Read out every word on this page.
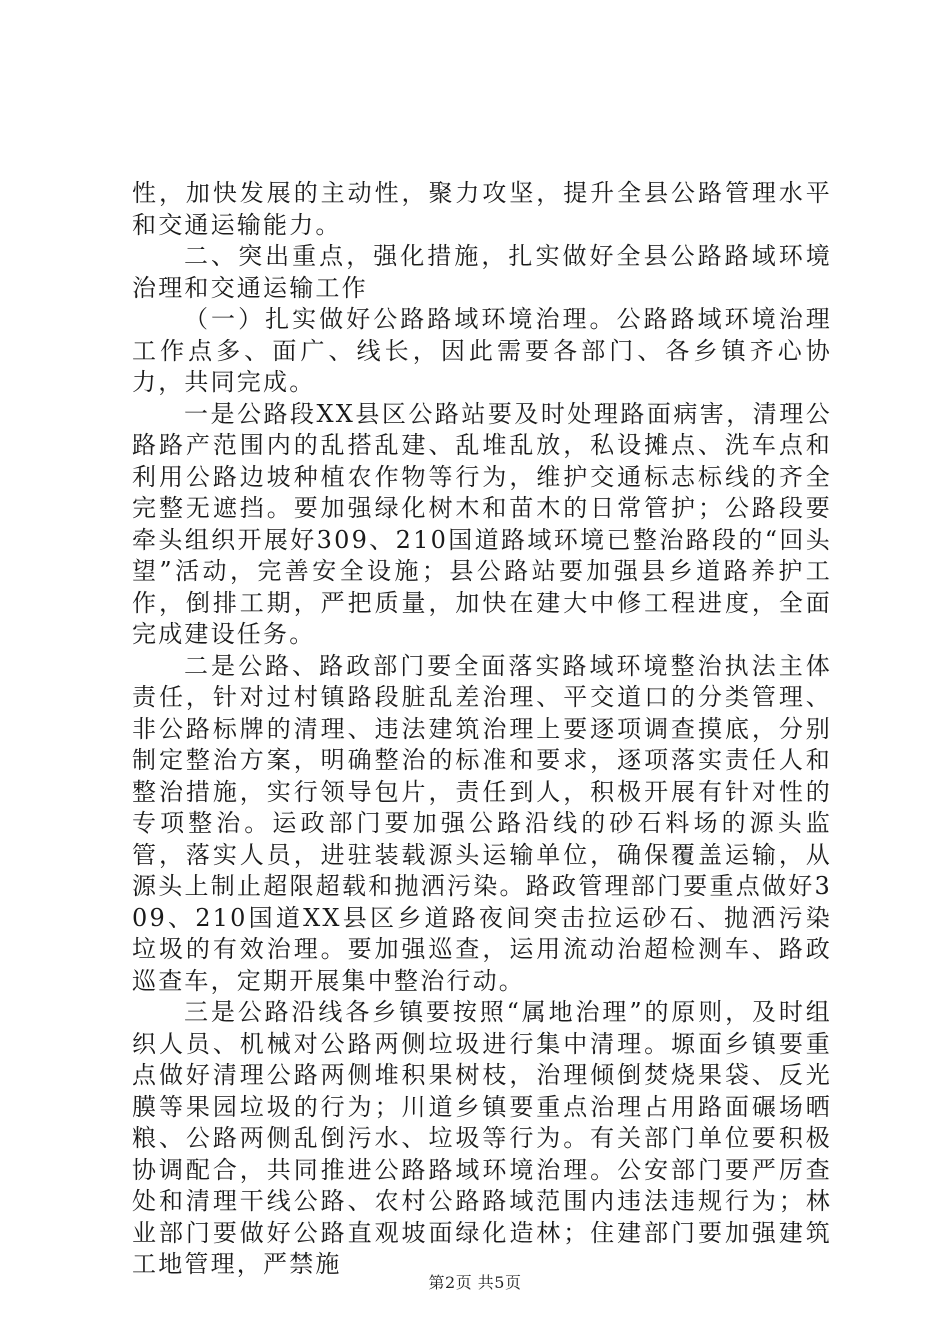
性，加快发展的主动性，聚力攻坚，提升全县公路管理水平和交通运输能力。

二、突出重点，强化措施，扎实做好全县公路路域环境治理和交通运输工作

（一）扎实做好公路路域环境治理。公路路域环境治理工作点多、面广、线长，因此需要各部门、各乡镇齐心协力，共同完成。

一是公路段XX县区公路站要及时处理路面病害，清理公路路产范围内的乱搭乱建、乱堆乱放，私设摊点、洗车点和利用公路边坡种植农作物等行为，维护交通标志标线的齐全完整无遮挡。要加强绿化树木和苗木的日常管护；公路段要牵头组织开展好309、210国道路域环境已整治路段的“回头望”活动，完善安全设施；县公路站要加强县乡道路养护工作，倒排工期，严把质量，加快在建大中修工程进度，全面完成建设任务。

二是公路、路政部门要全面落实路域环境整治执法主体责任，针对过村镇路段脏乱差治理、平交道口的分类管理、非公路标牌的清理、违法建筑治理上要逐项调查摸底，分别制定整治方案，明确整治的标准和要求，逐项落实责任人和整治措施，实行领导包片，责任到人，积极开展有针对性的专项整治。运政部门要加强公路沿线的砂石料场的源头监管，落实人员，进驻装载源头运输单位，确保覆盖运输，从源头上制止超限超载和抛洒污染。路政管理部门要重点做好309、210国道XX县区乡道路夜间突击拉运砂石、抛洒污染垃圾的有效治理。要加强巡查，运用流动治超检测车、路政巡查车，定期开展集中整治行动。

三是公路沿线各乡镇要按照“属地治理”的原则，及时组织人员、机械对公路两侧垃圾进行集中清理。塬面乡镇要重点做好清理公路两侧堆积果树枝，治理倾倒焚烧果袋、反光膜等果园垃圾的行为；川道乡镇要重点治理占用路面碾场晒粮、公路两侧乱倒污水、垃圾等行为。有关部门单位要积极协调配合，共同推进公路路域环境治理。公安部门要严厉查处和清理干线公路、农村公路路域范围内违法违规行为；林业部门要做好公路直观坡面绿化造林；住建部门要加强建筑工地管理，严禁施

第2页 共5页
